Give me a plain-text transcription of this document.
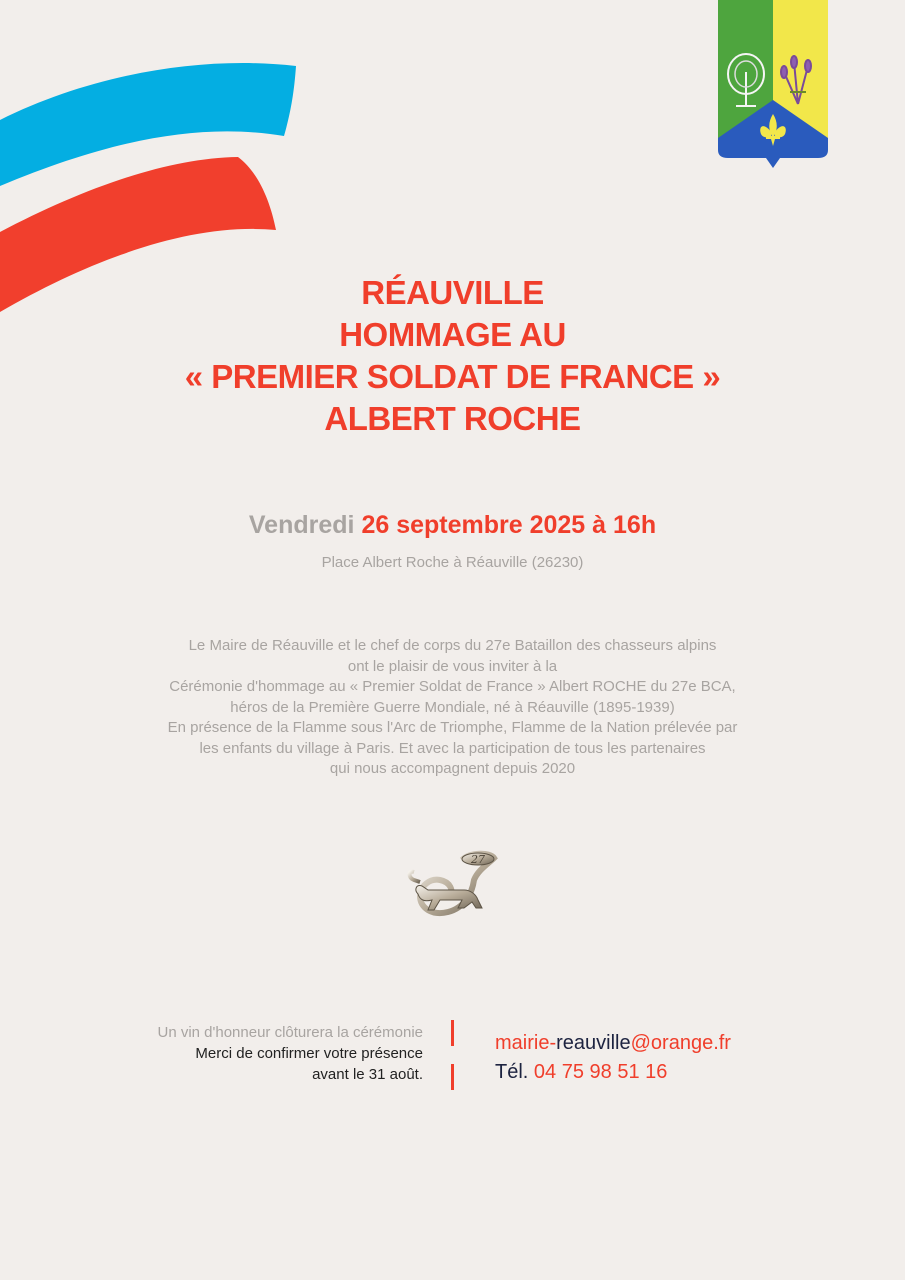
RÉAUVILLE
HOMMAGE AU
« PREMIER SOLDAT DE FRANCE »
ALBERT ROCHE
Vendredi 26 septembre 2025 à 16h
Place Albert Roche à Réauville (26230)
Le Maire de Réauville et le chef de corps du 27e Bataillon des chasseurs alpins
ont le plaisir de vous inviter à la
Cérémonie d'hommage au « Premier Soldat de France » Albert ROCHE du 27e BCA,
héros de la Première Guerre Mondiale, né à Réauville (1895-1939)
En présence de la Flamme sous l'Arc de Triomphe, Flamme de la Nation prélevée par
les enfants du village à Paris. Et avec la participation de tous les partenaires
qui nous accompagnent depuis 2020
27
Un vin d'honneur clôturera la cérémonie
Merci de confirmer votre présence
avant le 31 août.
mairie-reauville@orange.fr
Tél. 04 75 98 51 16
